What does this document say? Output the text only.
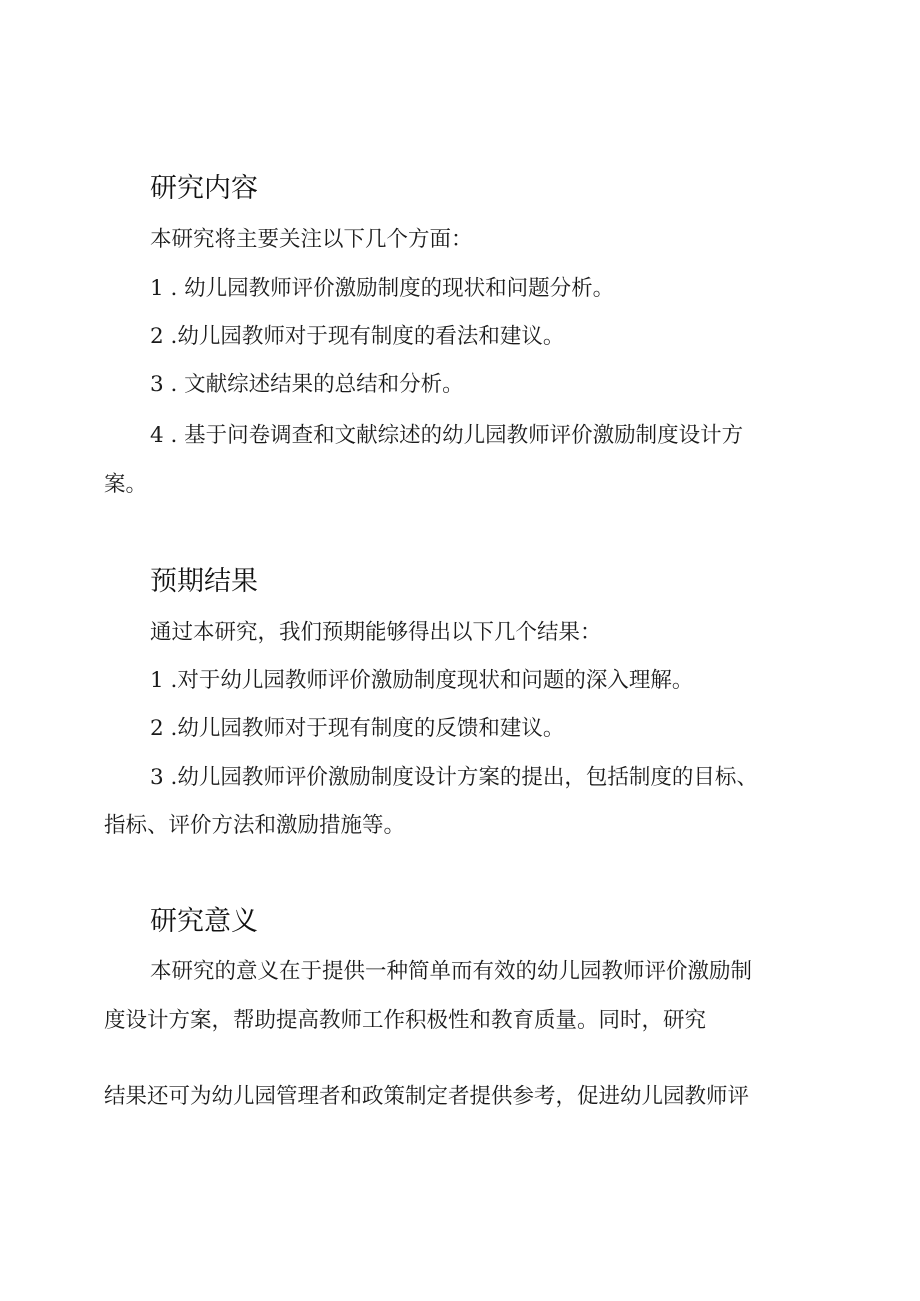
研究内容

本研究将主要关注以下几个方面：

1 . 幼儿园教师评价激励制度的现状和问题分析。

2 .幼儿园教师对于现有制度的看法和建议。

3 . 文献综述结果的总结和分析。

4 . 基于问卷调查和文献综述的幼儿园教师评价激励制度设计方

案。

预期结果

通过本研究，我们预期能够得出以下几个结果：

1 .对于幼儿园教师评价激励制度现状和问题的深入理解。

2 .幼儿园教师对于现有制度的反馈和建议。

3 .幼儿园教师评价激励制度设计方案的提出，包括制度的目标、

指标、评价方法和激励措施等。

研究意义

本研究的意义在于提供一种简单而有效的幼儿园教师评价激励制

度设计方案，帮助提高教师工作积极性和教育质量。同时，研究

结果还可为幼儿园管理者和政策制定者提供参考，促进幼儿园教师评
